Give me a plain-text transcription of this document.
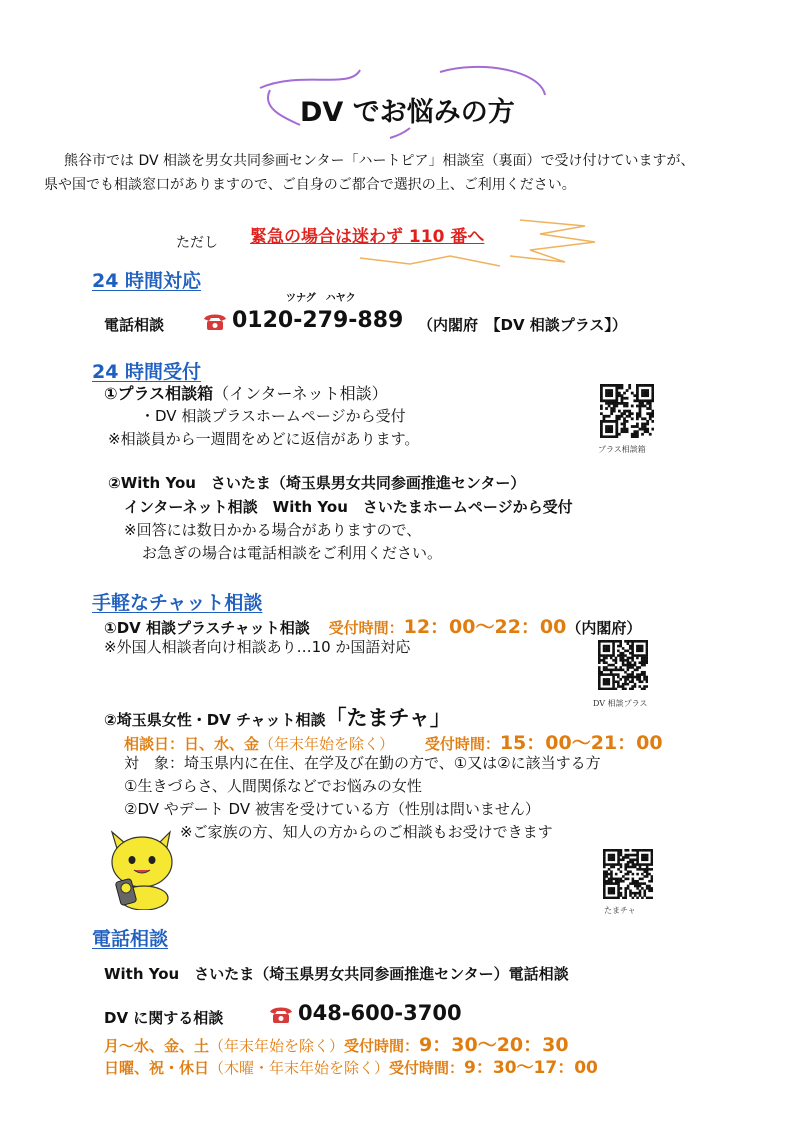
DV でお悩みの方
熊谷市では DV 相談を男女共同参画センター「ハートピア」相談室（裏面）で受け付けていますが、
県や国でも相談窓口がありますので、ご自身のご都合で選択の上、ご利用ください。
ただし 緊急の場合は迷わず 110 番へ
24 時間対応
ツナグ　ハヤク
電話相談	0120-279-889 （内閣府　【DV 相談プラス】）
24 時間受付
①プラス相談箱（インターネット相談）
・DV 相談プラスホームページから受付
※相談員から一週間をめどに返信があります。
プラス相談箱
②With You　さいたま（埼玉県男女共同参画推進センター）
インターネット相談　With You　さいたまホームページから受付
※回答には数日かかる場合がありますので、
お急ぎの場合は電話相談をご利用ください。
手軽なチャット相談
①DV 相談プラスチャット相談 受付時間：12：00～22：00（内閣府）
※外国人相談者向け相談あり…10 か国語対応
DV 相談プラス
②埼玉県女性・DV チャット相談「たまチャ」
相談日：日、水、金（年末年始を除く） 受付時間：15：00～21：00
対　象：埼玉県内に在住、在学及び在勤の方で、①又は②に該当する方
①生きづらさ、人間関係などでお悩みの女性
②DV やデート DV 被害を受けている方（性別は問いません）
※ご家族の方、知人の方からのご相談もお受けできます
たまチャ
電話相談
With You　さいたま（埼玉県男女共同参画推進センター）電話相談
DV に関する相談	048-600-3700
月～水、金、土（年末年始を除く）受付時間：9：30～20：30
日曜、祝・休日（木曜・年末年始を除く）受付時間：9：30～17：00
